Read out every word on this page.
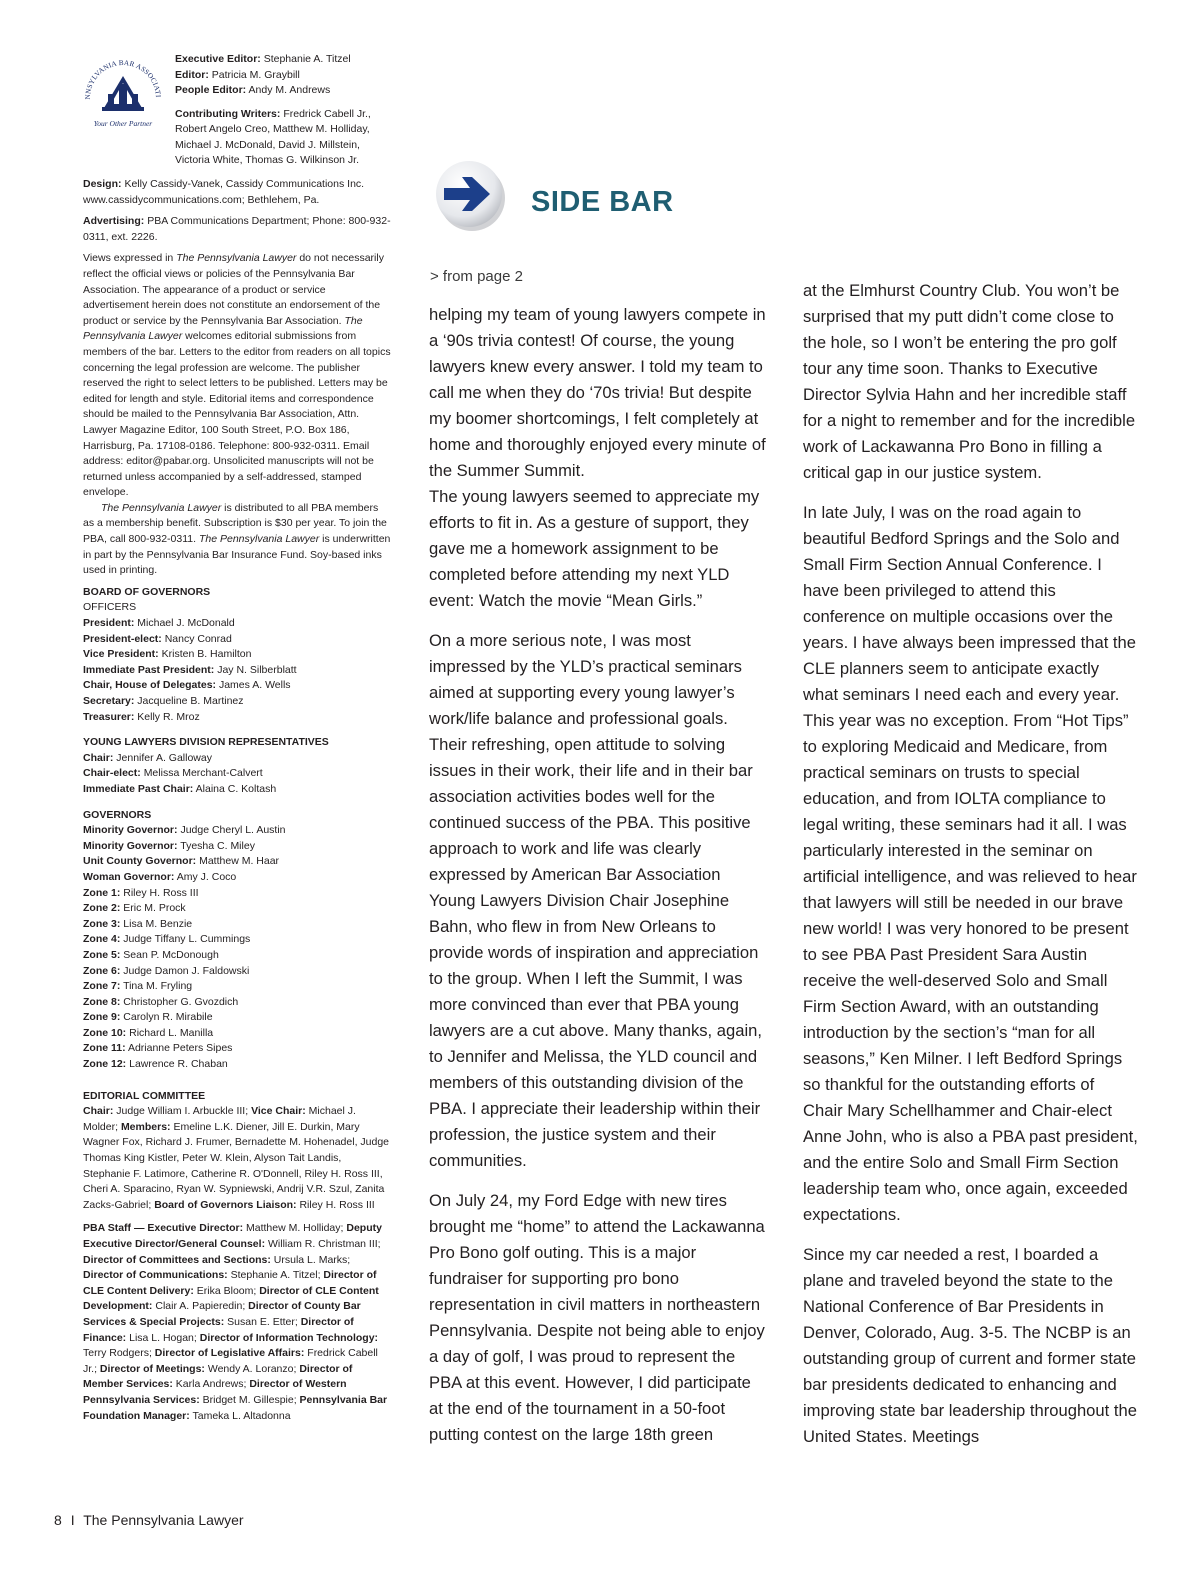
NNSYLVANIA BAR ASSOCIATI
Your Other Partner

Executive Editor: Stephanie A. Titzel

Editor: Patricia M. Graybill

People Editor: Andy M. Andrews

Contributing Writers: Fredrick Cabell Jr., Robert Angelo Creo, Matthew M. Holliday, Michael J. McDonald, David J. Millstein, Victoria White, Thomas G. Wilkinson Jr.

Design: Kelly Cassidy-Vanek, Cassidy Communications Inc. www.cassidycommunications.com; Bethlehem, Pa.

Advertising: PBA Communications Department; Phone: 800-932-0311, ext. 2226.

Views expressed in The Pennsylvania Lawyer do not necessarily reflect the official views or policies of the Pennsylvania Bar Association. The appearance of a product or service advertisement herein does not constitute an endorsement of the product or service by the Pennsylvania Bar Association. The Pennsylvania Lawyer welcomes editorial submissions from members of the bar. Letters to the editor from readers on all topics concerning the legal profession are welcome. The publisher reserved the right to select letters to be published. Letters may be edited for length and style. Editorial items and correspondence should be mailed to the Pennsylvania Bar Association, Attn. Lawyer Magazine Editor, 100 South Street, P.O. Box 186, Harrisburg, Pa. 17108-0186. Telephone: 800-932-0311. Email address: editor@pabar.org. Unsolicited manuscripts will not be returned unless accompanied by a self-addressed, stamped envelope.

The Pennsylvania Lawyer is distributed to all PBA members as a membership benefit. Subscription is $30 per year. To join the PBA, call 800-932-0311. The Pennsylvania Lawyer is underwritten in part by the Pennsylvania Bar Insurance Fund. Soy-based inks used in printing.

BOARD OF GOVERNORS
OFFICERS
President: Michael J. McDonald
President-elect: Nancy Conrad
Vice President: Kristen B. Hamilton
Immediate Past President: Jay N. Silberblatt
Chair, House of Delegates: James A. Wells
Secretary: Jacqueline B. Martinez
Treasurer: Kelly R. Mroz
YOUNG LAWYERS DIVISION REPRESENTATIVES
Chair: Jennifer A. Galloway
Chair-elect: Melissa Merchant-Calvert
Immediate Past Chair: Alaina C. Koltash
GOVERNORS
Minority Governor: Judge Cheryl L. Austin
Minority Governor: Tyesha C. Miley
Unit County Governor: Matthew M. Haar
Woman Governor: Amy J. Coco
Zone 1: Riley H. Ross III
Zone 2: Eric M. Prock
Zone 3: Lisa M. Benzie
Zone 4: Judge Tiffany L. Cummings
Zone 5: Sean P. McDonough
Zone 6: Judge Damon J. Faldowski
Zone 7: Tina M. Fryling
Zone 8: Christopher G. Gvozdich
Zone 9: Carolyn R. Mirabile
Zone 10: Richard L. Manilla
Zone 11: Adrianne Peters Sipes
Zone 12: Lawrence R. Chaban
EDITORIAL COMMITTEE

Chair: Judge William I. Arbuckle III; Vice Chair: Michael J. Molder; Members: Emeline L.K. Diener, Jill E. Durkin, Mary Wagner Fox, Richard J. Frumer, Bernadette M. Hohenadel, Judge Thomas King Kistler, Peter W. Klein, Alyson Tait Landis, Stephanie F. Latimore, Catherine R. O'Donnell, Riley H. Ross III, Cheri A. Sparacino, Ryan W. Sypniewski, Andrij V.R. Szul, Zanita Zacks-Gabriel; Board of Governors Liaison: Riley H. Ross III

PBA Staff — Executive Director: Matthew M. Holliday; Deputy Executive Director/General Counsel: William R. Christman III; Director of Committees and Sections: Ursula L. Marks; Director of Communications: Stephanie A. Titzel; Director of CLE Content Delivery: Erika Bloom; Director of CLE Content Development: Clair A. Papieredin; Director of County Bar Services & Special Projects: Susan E. Etter; Director of Finance: Lisa L. Hogan; Director of Information Technology: Terry Rodgers; Director of Legislative Affairs: Fredrick Cabell Jr.; Director of Meetings: Wendy A. Loranzo; Director of Member Services: Karla Andrews; Director of Western Pennsylvania Services: Bridget M. Gillespie; Pennsylvania Bar Foundation Manager: Tameka L. Altadonna

SIDE BAR
> from page 2

helping my team of young lawyers compete in a ‘90s trivia contest! Of course, the young lawyers knew every answer. I told my team to call me when they do ‘70s trivia! But despite my boomer shortcomings, I felt completely at home and thoroughly enjoyed every minute of the Summer Summit.

The young lawyers seemed to appreciate my efforts to fit in. As a gesture of support, they gave me a homework assignment to be completed before attending my next YLD event: Watch the movie “Mean Girls.”

On a more serious note, I was most impressed by the YLD’s practical seminars aimed at supporting every young lawyer’s work/life balance and professional goals. Their refreshing, open attitude to solving issues in their work, their life and in their bar association activities bodes well for the continued success of the PBA. This positive approach to work and life was clearly expressed by American Bar Association Young Lawyers Division Chair Josephine Bahn, who flew in from New Orleans to provide words of inspiration and appreciation to the group. When I left the Summit, I was more convinced than ever that PBA young lawyers are a cut above. Many thanks, again, to Jennifer and Melissa, the YLD council and members of this outstanding division of the PBA. I appreciate their leadership within their profession, the justice system and their communities.

On July 24, my Ford Edge with new tires brought me “home” to attend the Lackawanna Pro Bono golf outing. This is a major fundraiser for supporting pro bono representation in civil matters in northeastern Pennsylvania. Despite not being able to enjoy a day of golf, I was proud to represent the PBA at this event. However, I did participate at the end of the tournament in a 50-foot putting contest on the large 18th green

at the Elmhurst Country Club. You won’t be surprised that my putt didn’t come close to the hole, so I won’t be entering the pro golf tour any time soon. Thanks to Executive Director Sylvia Hahn and her incredible staff for a night to remember and for the incredible work of Lackawanna Pro Bono in filling a critical gap in our justice system.

In late July, I was on the road again to beautiful Bedford Springs and the Solo and Small Firm Section Annual Conference. I have been privileged to attend this conference on multiple occasions over the years. I have always been impressed that the CLE planners seem to anticipate exactly what seminars I need each and every year. This year was no exception. From “Hot Tips” to exploring Medicaid and Medicare, from practical seminars on trusts to special education, and from IOLTA compliance to legal writing, these seminars had it all. I was particularly interested in the seminar on artificial intelligence, and was relieved to hear that lawyers will still be needed in our brave new world! I was very honored to be present to see PBA Past President Sara Austin receive the well-deserved Solo and Small Firm Section Award, with an outstanding introduction by the section’s “man for all seasons,” Ken Milner. I left Bedford Springs so thankful for the outstanding efforts of Chair Mary Schellhammer and Chair-elect Anne John, who is also a PBA past president, and the entire Solo and Small Firm Section leadership team who, once again, exceeded expectations.

Since my car needed a rest, I boarded a plane and traveled beyond the state to the National Conference of Bar Presidents in Denver, Colorado, Aug. 3-5. The NCBP is an outstanding group of current and former state bar presidents dedicated to enhancing and improving state bar leadership throughout the United States. Meetings

8 I The Pennsylvania Lawyer
